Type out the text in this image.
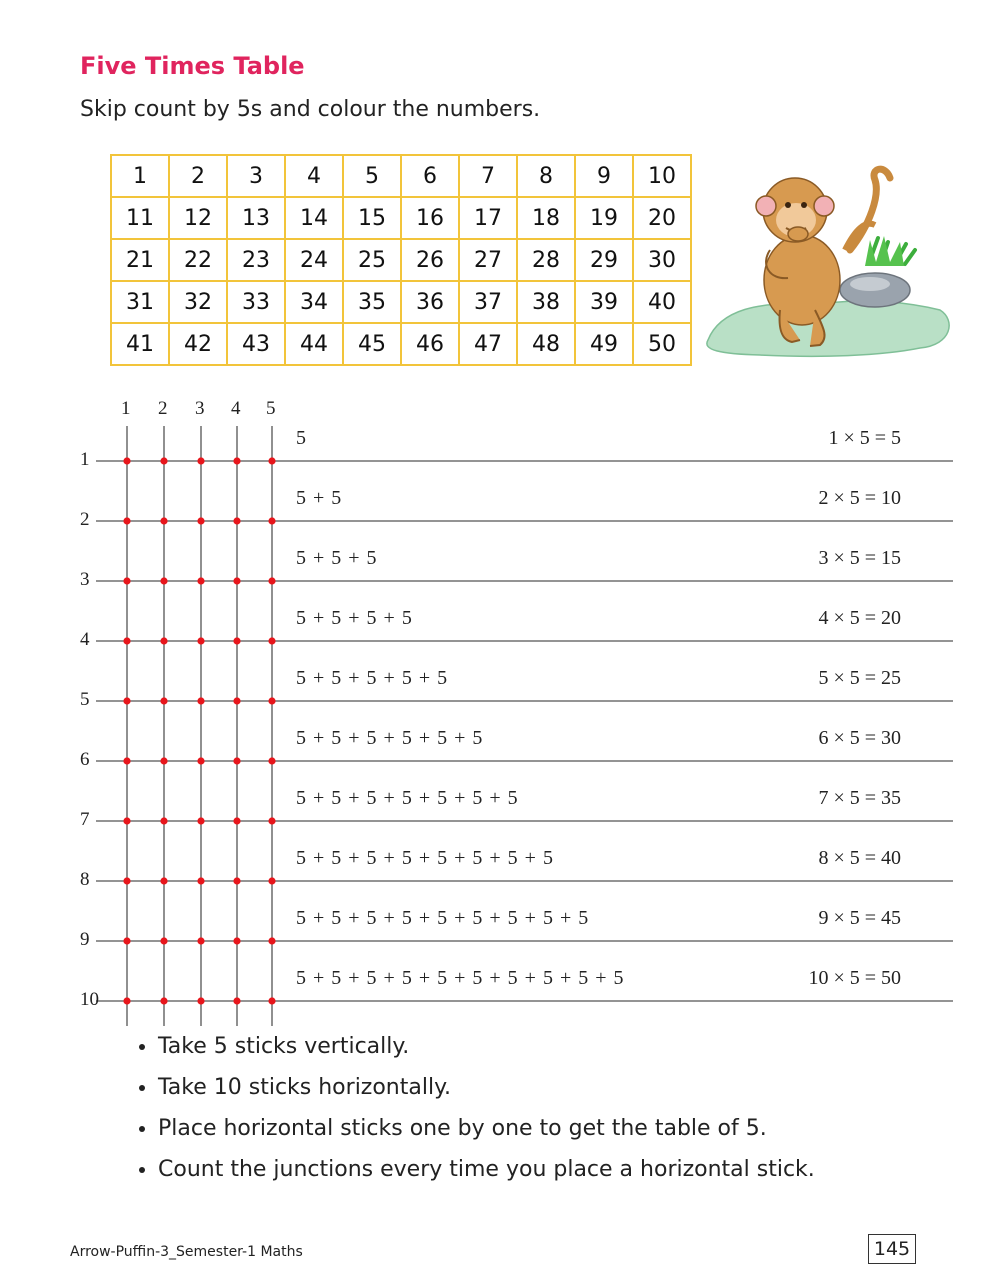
Five Times Table
Skip count by 5s and colour the numbers.
1	2	3	4	5	6	7	8	9	10
11	12	13	14	15	16	17	18	19	20
21	22	23	24	25	26	27	28	29	30
31	32	33	34	35	36	37	38	39	40
41	42	43	44	45	46	47	48	49	50
1 2 3 4 5
1
2
3
4
5
6
7
8
9
10
5	1 × 5 = 5
5 + 5	2 × 5 = 10
5 + 5 + 5	3 × 5 = 15
5 + 5 + 5 + 5	4 × 5 = 20
5 + 5 + 5 + 5 + 5	5 × 5 = 25
5 + 5 + 5 + 5 + 5 + 5	6 × 5 = 30
5 + 5 + 5 + 5 + 5 + 5 + 5	7 × 5 = 35
5 + 5 + 5 + 5 + 5 + 5 + 5 + 5	8 × 5 = 40
5 + 5 + 5 + 5 + 5 + 5 + 5 + 5 + 5	9 × 5 = 45
5 + 5 + 5 + 5 + 5 + 5 + 5 + 5 + 5 + 5	10 × 5 = 50
• Take 5 sticks vertically.
• Take 10 sticks horizontally.
• Place horizontal sticks one by one to get the table of 5.
• Count the junctions every time you place a horizontal stick.
Arrow-Puffin-3_Semester-1 Maths	145
